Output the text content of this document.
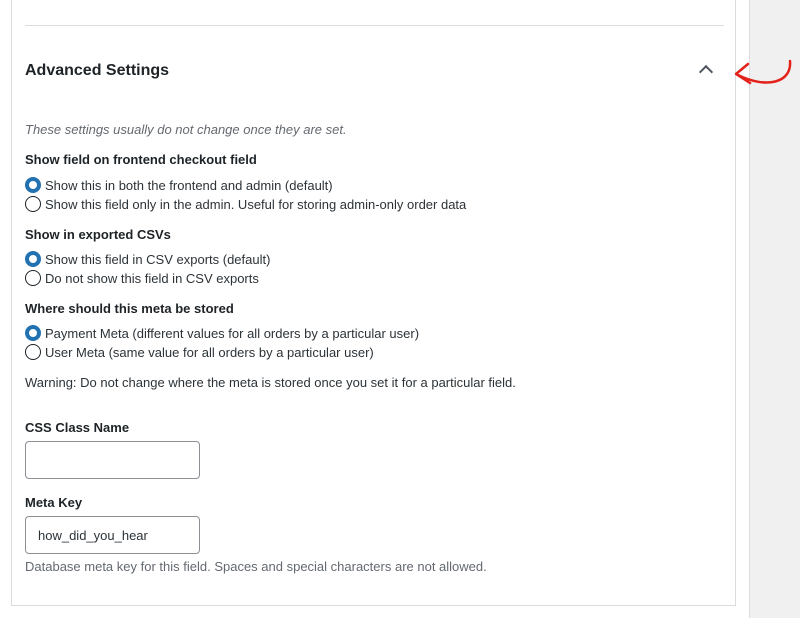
Advanced Settings
These settings usually do not change once they are set.
Show field on frontend checkout field
Show this in both the frontend and admin (default)
Show this field only in the admin. Useful for storing admin-only order data
Show in exported CSVs
Show this field in CSV exports (default)
Do not show this field in CSV exports
Where should this meta be stored
Payment Meta (different values for all orders by a particular user)
User Meta (same value for all orders by a particular user)
Warning: Do not change where the meta is stored once you set it for a particular field.
CSS Class Name
Meta Key
how_did_you_hear
Database meta key for this field. Spaces and special characters are not allowed.
